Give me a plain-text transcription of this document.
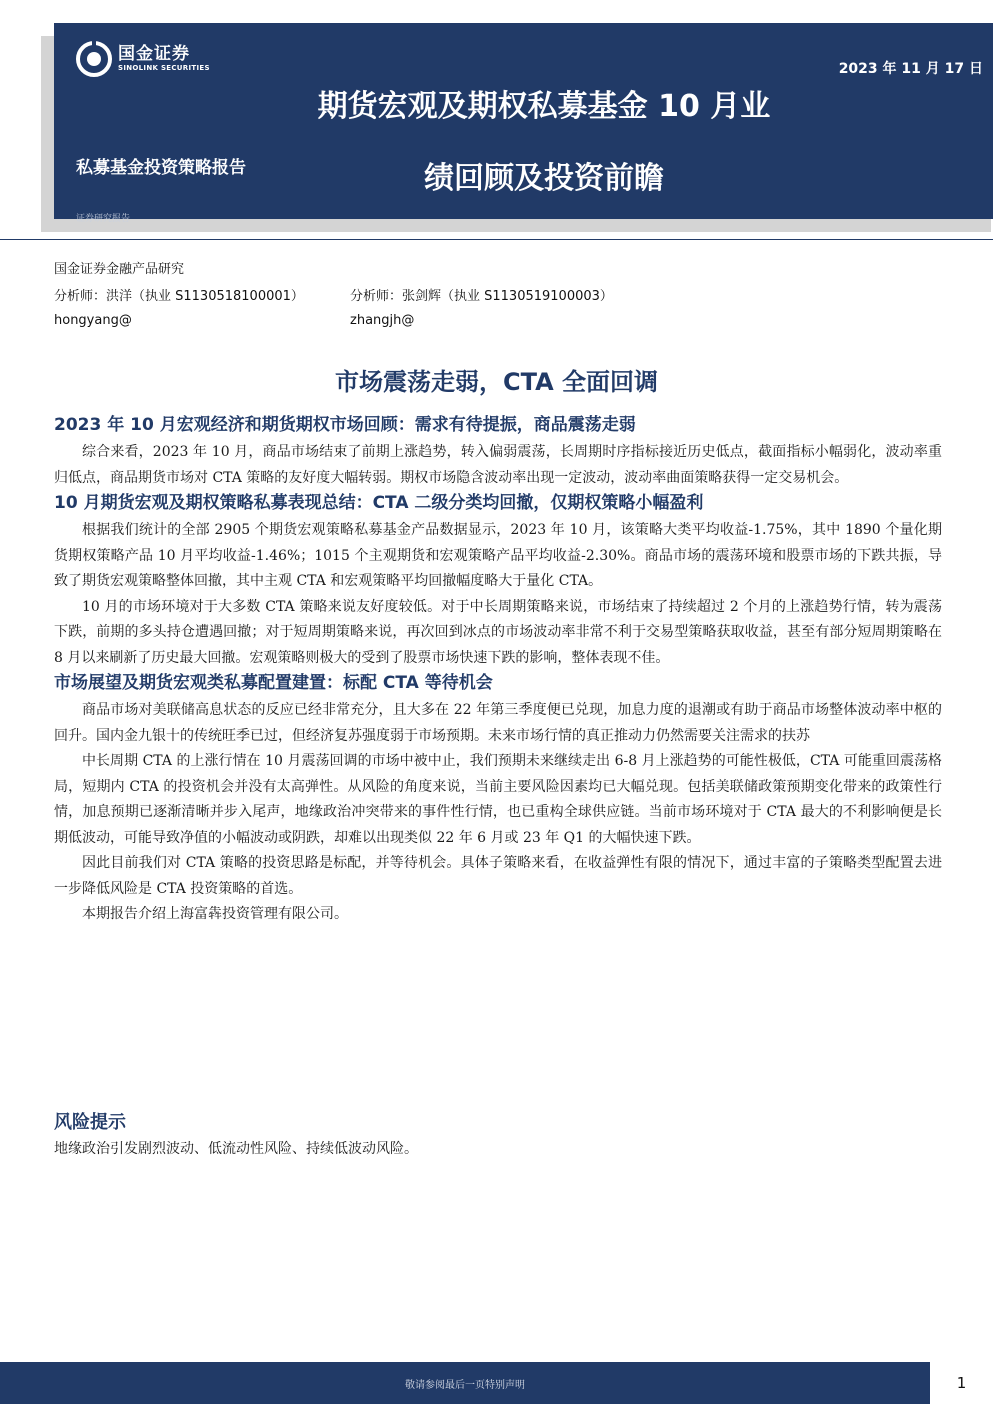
国金证券
SINOLINK SECURITIES	2023 年 11 月 17 日
期货宏观及期权私募基金 10 月业
绩回顾及投资前瞻
私募基金投资策略报告
证券研究报告
国金证券金融产品研究
分析师：洪洋（执业 S1130518100001）	分析师：张剑辉（执业 S1130519100003）
hongyang@	zhangjh@
市场震荡走弱，CTA 全面回调
2023 年 10 月宏观经济和期货期权市场回顾：需求有待提振，商品震荡走弱

综合来看，2023 年 10 月，商品市场结束了前期上涨趋势，转入偏弱震荡，长周期时序指标接近历史低点，截面指标小幅弱化，波动率重归低点，商品期货市场对 CTA 策略的友好度大幅转弱。期权市场隐含波动率出现一定波动，波动率曲面策略获得一定交易机会。

10 月期货宏观及期权策略私募表现总结：CTA 二级分类均回撤，仅期权策略小幅盈利

根据我们统计的全部 2905 个期货宏观策略私募基金产品数据显示，2023 年 10 月，该策略大类平均收益-1.75%，其中 1890 个量化期货期权策略产品 10 月平均收益-1.46%；1015 个主观期货和宏观策略产品平均收益-2.30%。商品市场的震荡环境和股票市场的下跌共振，导致了期货宏观策略整体回撤，其中主观 CTA 和宏观策略平均回撤幅度略大于量化 CTA。

10 月的市场环境对于大多数 CTA 策略来说友好度较低。对于中长周期策略来说，市场结束了持续超过 2 个月的上涨趋势行情，转为震荡下跌，前期的多头持仓遭遇回撤；对于短周期策略来说，再次回到冰点的市场波动率非常不利于交易型策略获取收益，甚至有部分短周期策略在 8 月以来刷新了历史最大回撤。宏观策略则极大的受到了股票市场快速下跌的影响，整体表现不佳。

市场展望及期货宏观类私募配置建置：标配 CTA 等待机会

商品市场对美联储高息状态的反应已经非常充分，且大多在 22 年第三季度便已兑现，加息力度的退潮或有助于商品市场整体波动率中枢的回升。国内金九银十的传统旺季已过，但经济复苏强度弱于市场预期。未来市场行情的真正推动力仍然需要关注需求的扶苏

中长周期 CTA 的上涨行情在 10 月震荡回调的市场中被中止，我们预期未来继续走出 6-8 月上涨趋势的可能性极低，CTA 可能重回震荡格局，短期内 CTA 的投资机会并没有太高弹性。从风险的角度来说，当前主要风险因素均已大幅兑现。包括美联储政策预期变化带来的政策性行情，加息预期已逐渐清晰并步入尾声，地缘政治冲突带来的事件性行情，也已重构全球供应链。当前市场环境对于 CTA 最大的不利影响便是长期低波动，可能导致净值的小幅波动或阴跌，却难以出现类似 22 年 6 月或 23 年 Q1 的大幅快速下跌。

因此目前我们对 CTA 策略的投资思路是标配，并等待机会。具体子策略来看，在收益弹性有限的情况下，通过丰富的子策略类型配置去进一步降低风险是 CTA 投资策略的首选。

本期报告介绍上海富犇投资管理有限公司。

风险提示
地缘政治引发剧烈波动、低流动性风险、持续低波动风险。
敬请参阅最后一页特别声明	1
